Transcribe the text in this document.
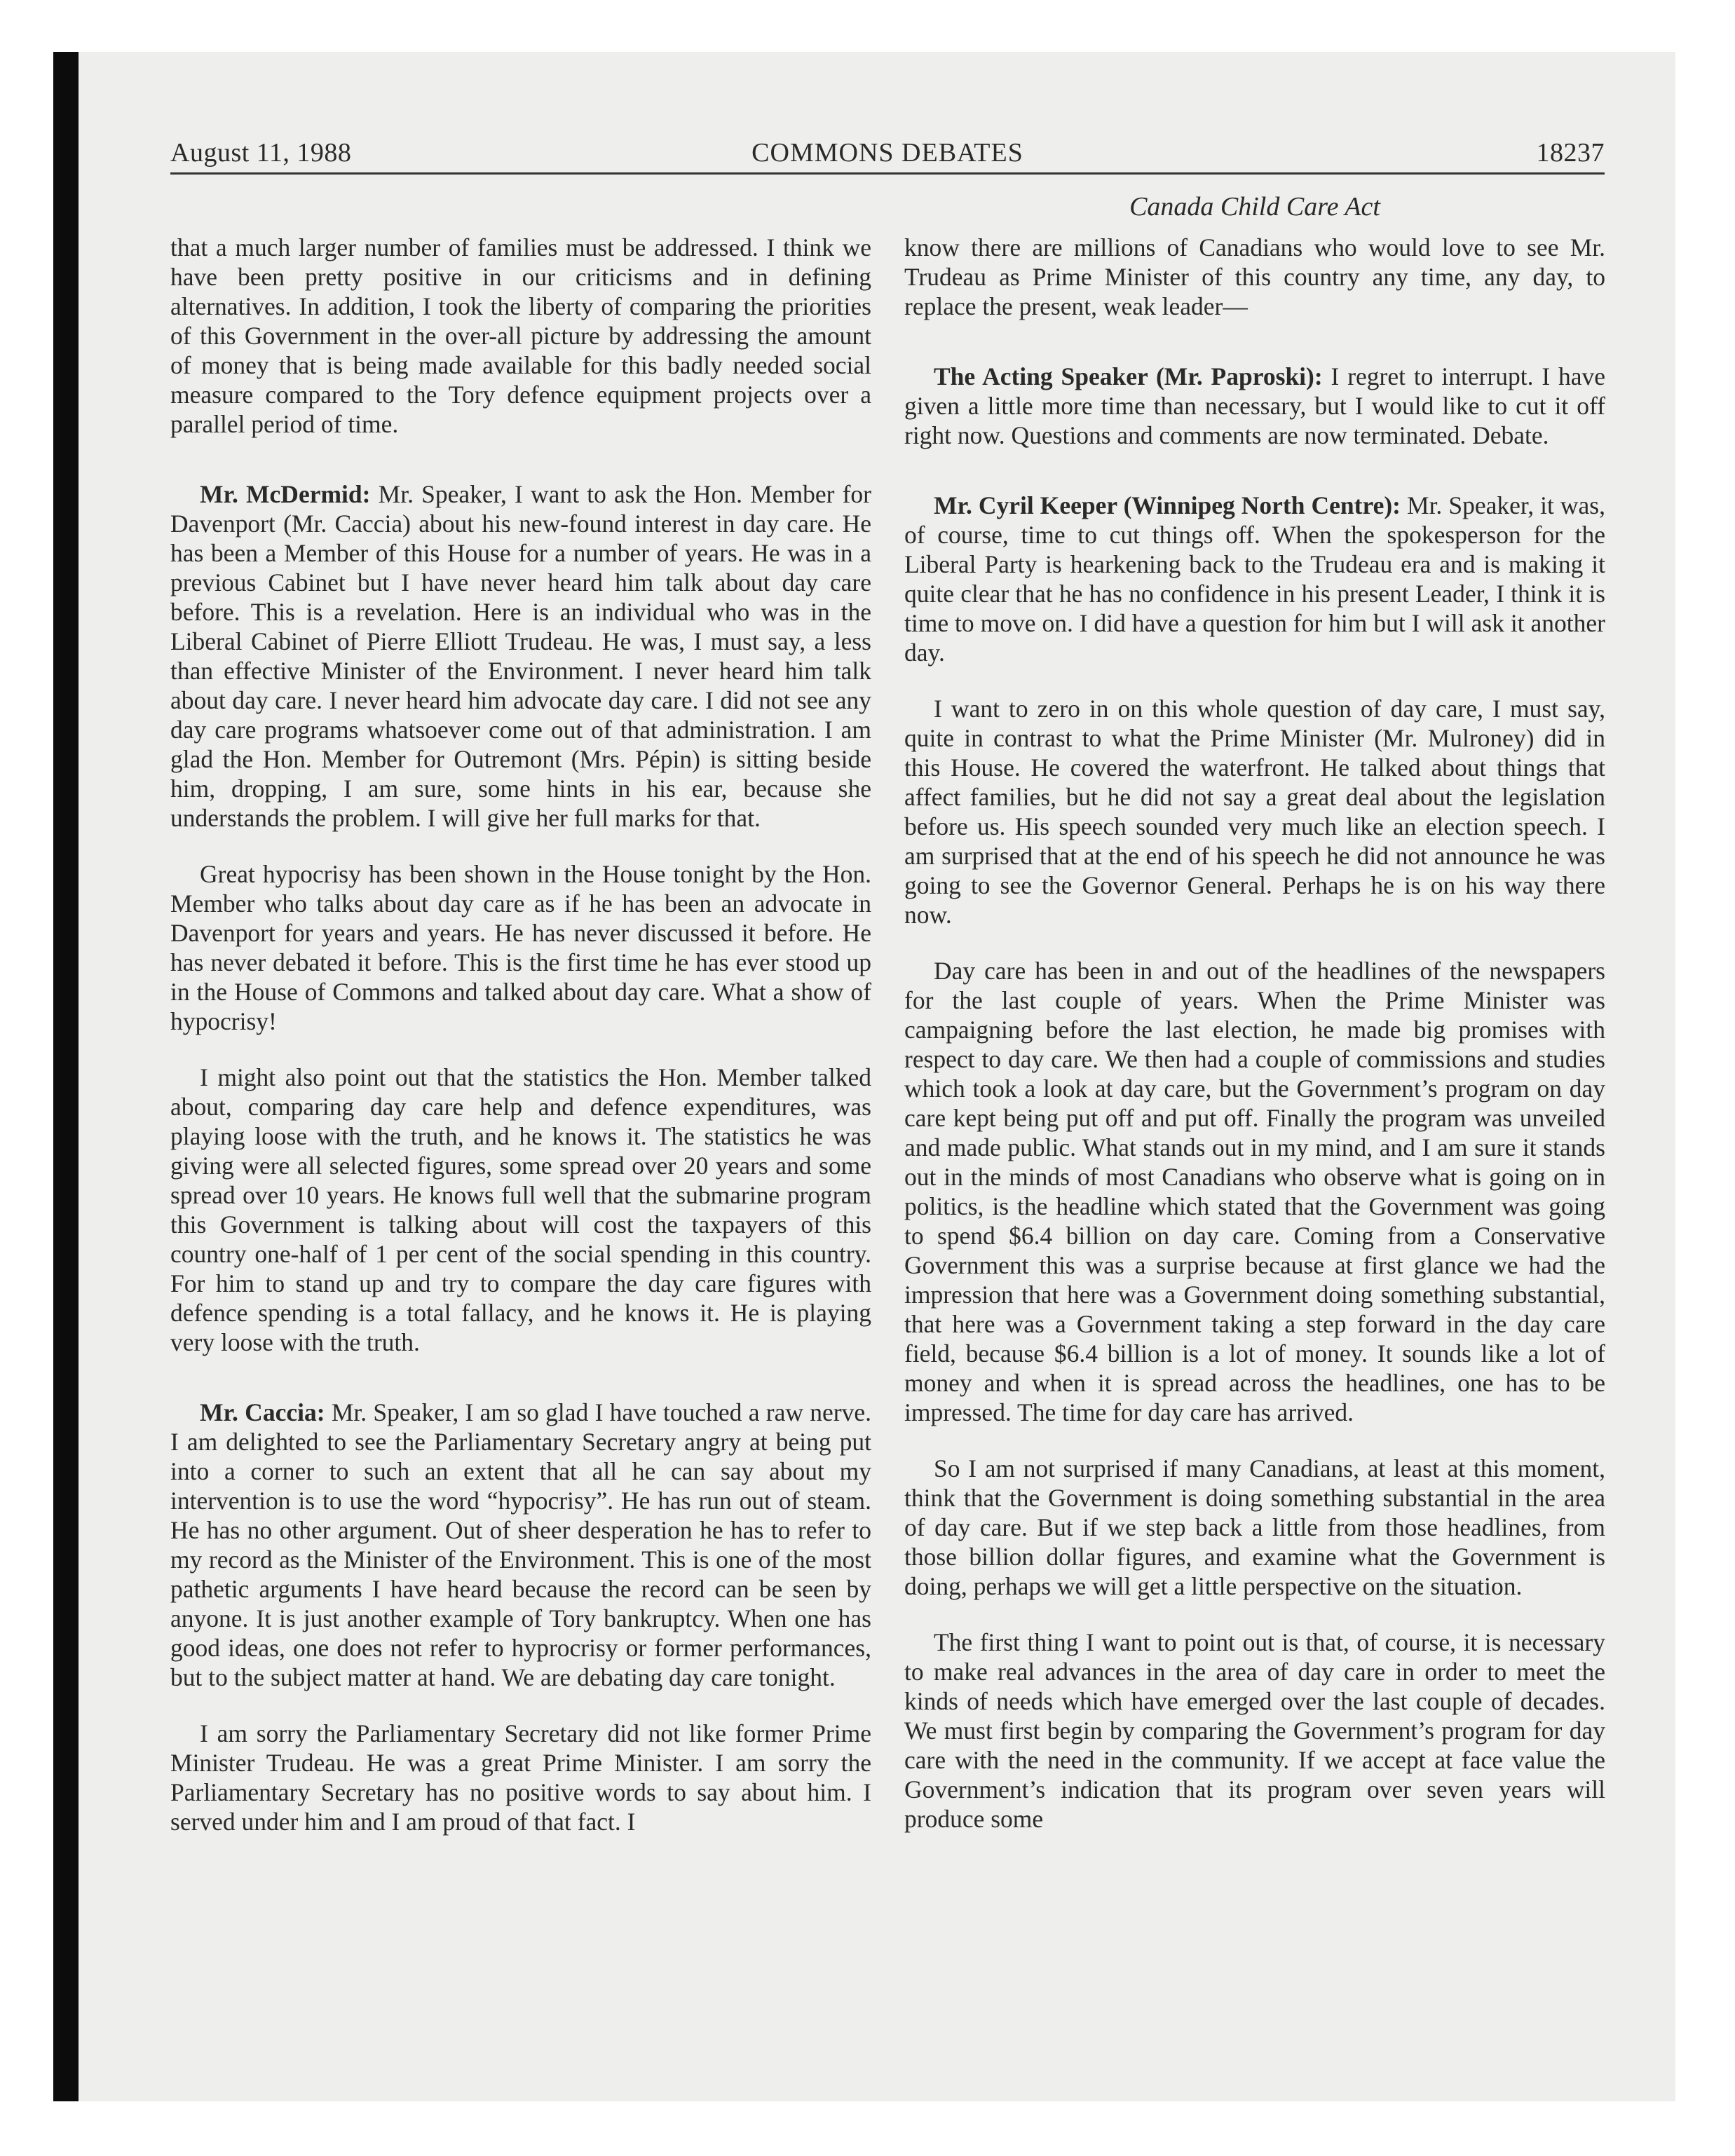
August 11, 1988	COMMONS DEBATES	18237

that a much larger number of families must be addressed. I think we have been pretty positive in our criticisms and in defining alternatives. In addition, I took the liberty of comparing the priorities of this Government in the over-all picture by addressing the amount of money that is being made available for this badly needed social measure compared to the Tory defence equipment projects over a parallel period of time.

Mr. McDermid: Mr. Speaker, I want to ask the Hon. Member for Davenport (Mr. Caccia) about his new-found interest in day care. He has been a Member of this House for a number of years. He was in a previous Cabinet but I have never heard him talk about day care before. This is a revelation. Here is an individual who was in the Liberal Cabinet of Pierre Elliott Trudeau. He was, I must say, a less than effective Minister of the Environment. I never heard him talk about day care. I never heard him advocate day care. I did not see any day care programs whatsoever come out of that administration. I am glad the Hon. Member for Outremont (Mrs. Pépin) is sitting beside him, dropping, I am sure, some hints in his ear, because she understands the problem. I will give her full marks for that.

Great hypocrisy has been shown in the House tonight by the Hon. Member who talks about day care as if he has been an advocate in Davenport for years and years. He has never discussed it before. He has never debated it before. This is the first time he has ever stood up in the House of Commons and talked about day care. What a show of hypocrisy!

I might also point out that the statistics the Hon. Member talked about, comparing day care help and defence expenditures, was playing loose with the truth, and he knows it. The statistics he was giving were all selected figures, some spread over 20 years and some spread over 10 years. He knows full well that the submarine program this Government is talking about will cost the taxpayers of this country one-half of 1 per cent of the social spending in this country. For him to stand up and try to compare the day care figures with defence spending is a total fallacy, and he knows it. He is playing very loose with the truth.

Mr. Caccia: Mr. Speaker, I am so glad I have touched a raw nerve. I am delighted to see the Parliamentary Secretary angry at being put into a corner to such an extent that all he can say about my intervention is to use the word “hypocrisy”. He has run out of steam. He has no other argument. Out of sheer desperation he has to refer to my record as the Minister of the Environment. This is one of the most pathetic arguments I have heard because the record can be seen by anyone. It is just another example of Tory bankruptcy. When one has good ideas, one does not refer to hyprocrisy or former performances, but to the subject matter at hand. We are debating day care tonight.

I am sorry the Parliamentary Secretary did not like former Prime Minister Trudeau. He was a great Prime Minister. I am sorry the Parliamentary Secretary has no positive words to say about him. I served under him and I am proud of that fact. I

Canada Child Care Act

know there are millions of Canadians who would love to see Mr. Trudeau as Prime Minister of this country any time, any day, to replace the present, weak leader—

The Acting Speaker (Mr. Paproski): I regret to interrupt. I have given a little more time than necessary, but I would like to cut it off right now. Questions and comments are now terminated. Debate.

Mr. Cyril Keeper (Winnipeg North Centre): Mr. Speaker, it was, of course, time to cut things off. When the spokesperson for the Liberal Party is hearkening back to the Trudeau era and is making it quite clear that he has no confidence in his present Leader, I think it is time to move on. I did have a question for him but I will ask it another day.

I want to zero in on this whole question of day care, I must say, quite in contrast to what the Prime Minister (Mr. Mulroney) did in this House. He covered the waterfront. He talked about things that affect families, but he did not say a great deal about the legislation before us. His speech sounded very much like an election speech. I am surprised that at the end of his speech he did not announce he was going to see the Governor General. Perhaps he is on his way there now.

Day care has been in and out of the headlines of the newspapers for the last couple of years. When the Prime Minister was campaigning before the last election, he made big promises with respect to day care. We then had a couple of commissions and studies which took a look at day care, but the Government’s program on day care kept being put off and put off. Finally the program was unveiled and made public. What stands out in my mind, and I am sure it stands out in the minds of most Canadians who observe what is going on in politics, is the headline which stated that the Government was going to spend $6.4 billion on day care. Coming from a Conservative Government this was a surprise because at first glance we had the impression that here was a Government doing something substantial, that here was a Government taking a step forward in the day care field, because $6.4 billion is a lot of money. It sounds like a lot of money and when it is spread across the headlines, one has to be impressed. The time for day care has arrived.

So I am not surprised if many Canadians, at least at this moment, think that the Government is doing something substantial in the area of day care. But if we step back a little from those headlines, from those billion dollar figures, and examine what the Government is doing, perhaps we will get a little perspective on the situation.

The first thing I want to point out is that, of course, it is necessary to make real advances in the area of day care in order to meet the kinds of needs which have emerged over the last couple of decades. We must first begin by comparing the Government’s program for day care with the need in the community. If we accept at face value the Government’s indication that its program over seven years will produce some
